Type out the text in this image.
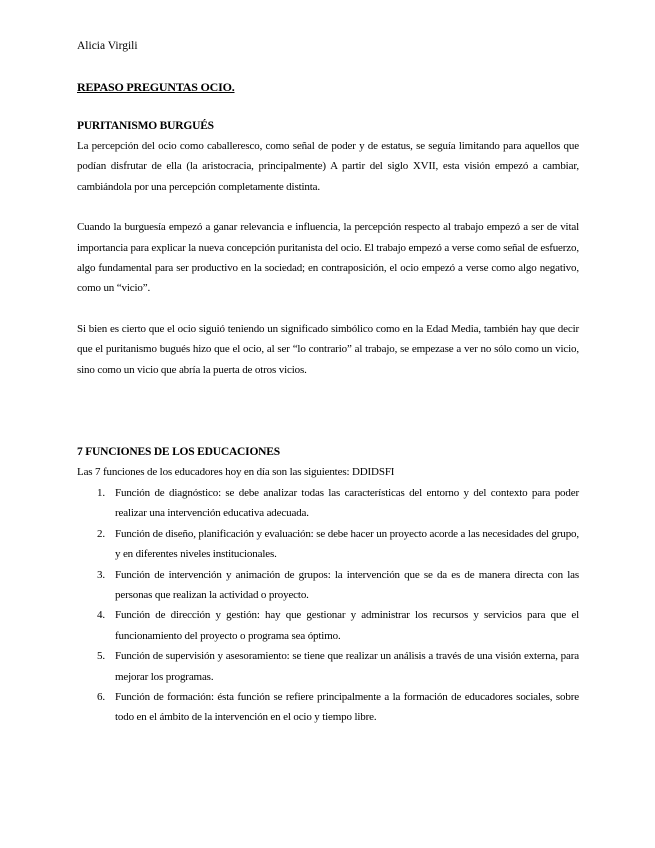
Alicia Virgili
REPASO PREGUNTAS OCIO.
PURITANISMO BURGUÉS

La percepción del ocio como caballeresco, como señal de poder y de estatus, se seguía limitando para aquellos que podían disfrutar de ella (la aristocracia, principalmente) A partir del siglo XVII, esta visión empezó a cambiar, cambiándola por una percepción completamente distinta.

Cuando la burguesía empezó a ganar relevancia e influencia, la percepción respecto al trabajo empezó a ser de vital importancia para explicar la nueva concepción puritanista del ocio. El trabajo empezó a verse como señal de esfuerzo, algo fundamental para ser productivo en la sociedad; en contraposición, el ocio empezó a verse como algo negativo, como un “vicio”.

Si bien es cierto que el ocio siguió teniendo un significado simbólico como en la Edad Media, también hay que decir que el puritanismo bugués hizo que el ocio, al ser “lo contrario” al trabajo, se empezase a ver no sólo como un vicio, sino como un vicio que abría la puerta de otros vicios.

7 FUNCIONES DE LOS EDUCACIONES

Las 7 funciones de los educadores hoy en día son las siguientes: DDIDSFI

1. Función de diagnóstico: se debe analizar todas las características del entorno y del contexto para poder realizar una intervención educativa adecuada.
2. Función de diseño, planificación y evaluación: se debe hacer un proyecto acorde a las necesidades del grupo, y en diferentes niveles institucionales.
3. Función de intervención y animación de grupos: la intervención que se da es de manera directa con las personas que realizan la actividad o proyecto.
4. Función de dirección y gestión: hay que gestionar y administrar los recursos y servicios para que el funcionamiento del proyecto o programa sea óptimo.
5. Función de supervisión y asesoramiento: se tiene que realizar un análisis a través de una visión externa, para mejorar los programas.
6. Función de formación: ésta función se refiere principalmente a la formación de educadores sociales, sobre todo en el ámbito de la intervención en el ocio y tiempo libre.
